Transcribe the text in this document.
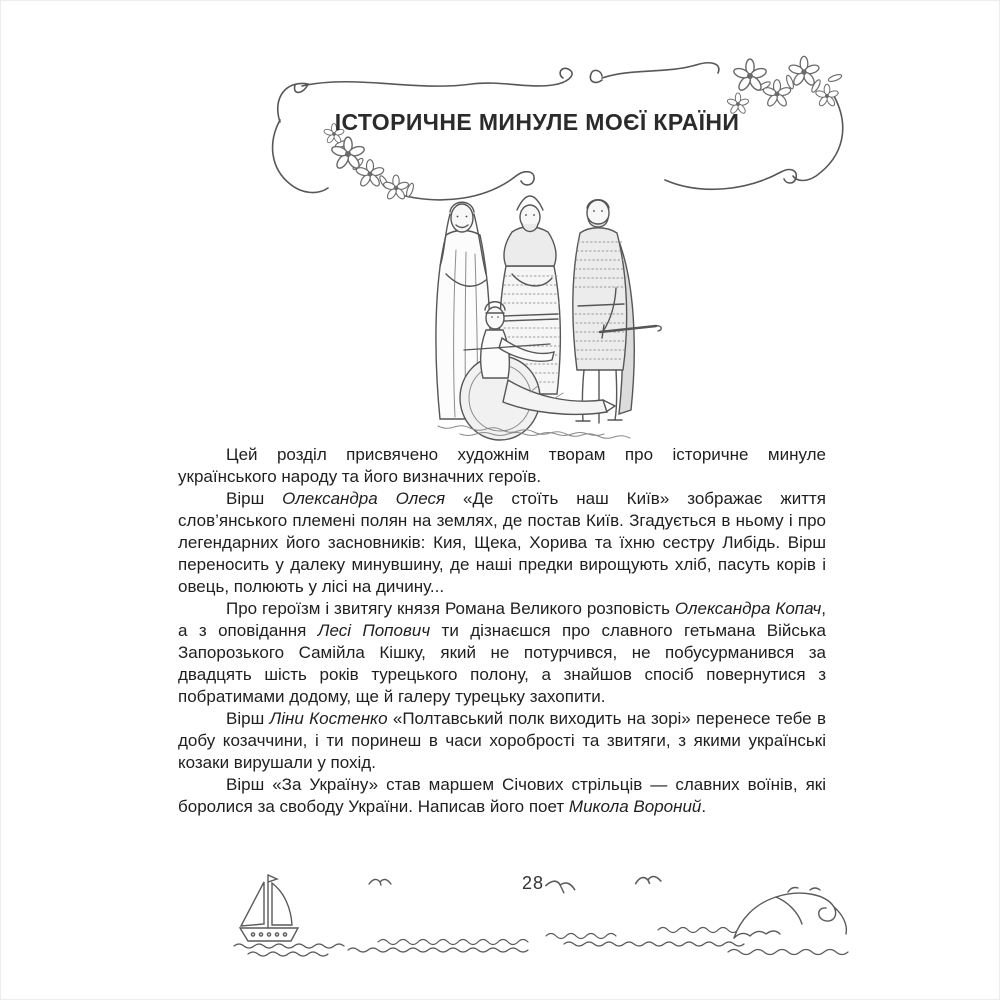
ІСТОРИЧНЕ МИНУЛЕ МОЄЇ КРАЇНИ

Цей розділ присвячено художнім творам про історичне минуле українського народу та його визначних героїв.

Вірш Олександра Олеся «Де стоїть наш Київ» зображає життя слов’янського племені полян на землях, де постав Київ. Згадується в ньому і про легендарних його засновників: Кия, Щека, Хорива та їхню сестру Либідь. Вірш переносить у далеку минувшину, де наші предки вирощують хліб, пасуть корів і овець, полюють у лісі на дичину...

Про героїзм і звитягу князя Романа Великого розповість Олександра Копач, а з оповідання Лесі Попович ти дізнаєшся про славного гетьмана Війська Запорозького Самійла Кішку, який не потурчився, не побусурманився за двадцять шість років турецького полону, а знайшов спосіб повернутися з побратимами додому, ще й галеру турецьку захопити.

Вірш Ліни Костенко «Полтавський полк виходить на зорі» перенесе тебе в добу козаччини, і ти поринеш в часи хоробрості та звитяги, з якими українські козаки вирушали у похід.

Вірш «За Україну» став маршем Січових стрільців — славних воїнів, які боролися за свободу України. Написав його поет Микола Вороний.

28
